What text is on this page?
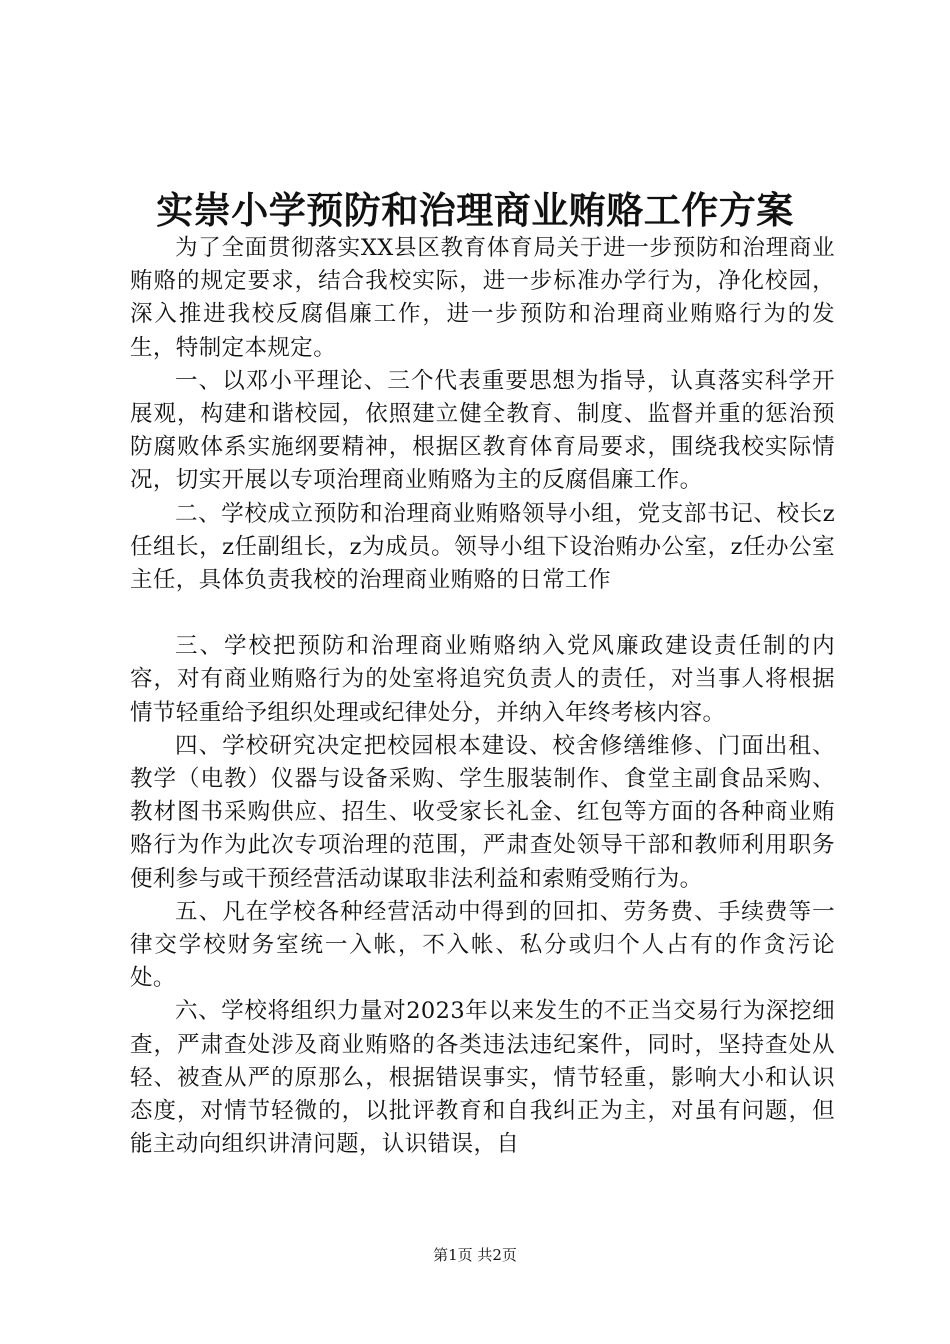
实崇小学预防和治理商业贿赂工作方案

为了全面贯彻落实XX县区教育体育局关于进一步预防和治理商业贿赂的规定要求，结合我校实际，进一步标准办学行为，净化校园，深入推进我校反腐倡廉工作，进一步预防和治理商业贿赂行为的发生，特制定本规定。

一、以邓小平理论、三个代表重要思想为指导，认真落实科学开展观，构建和谐校园，依照建立健全教育、制度、监督并重的惩治预防腐败体系实施纲要精神，根据区教育体育局要求，围绕我校实际情况，切实开展以专项治理商业贿赂为主的反腐倡廉工作。

二、学校成立预防和治理商业贿赂领导小组，党支部书记、校长z任组长，z任副组长，z为成员。领导小组下设治贿办公室，z任办公室主任，具体负责我校的治理商业贿赂的日常工作

三、学校把预防和治理商业贿赂纳入党风廉政建设责任制的内容，对有商业贿赂行为的处室将追究负责人的责任，对当事人将根据情节轻重给予组织处理或纪律处分，并纳入年终考核内容。

四、学校研究决定把校园根本建设、校舍修缮维修、门面出租、教学（电教）仪器与设备采购、学生服装制作、食堂主副食品采购、教材图书采购供应、招生、收受家长礼金、红包等方面的各种商业贿赂行为作为此次专项治理的范围，严肃查处领导干部和教师利用职务便利参与或干预经营活动谋取非法利益和索贿受贿行为。

五、凡在学校各种经营活动中得到的回扣、劳务费、手续费等一律交学校财务室统一入帐，不入帐、私分或归个人占有的作贪污论处。

六、学校将组织力量对2023年以来发生的不正当交易行为深挖细查，严肃查处涉及商业贿赂的各类违法违纪案件，同时，坚持查处从轻、被查从严的原那么，根据错误事实，情节轻重，影响大小和认识态度，对情节轻微的，以批评教育和自我纠正为主，对虽有问题，但能主动向组织讲清问题，认识错误，自

第1页 共2页
